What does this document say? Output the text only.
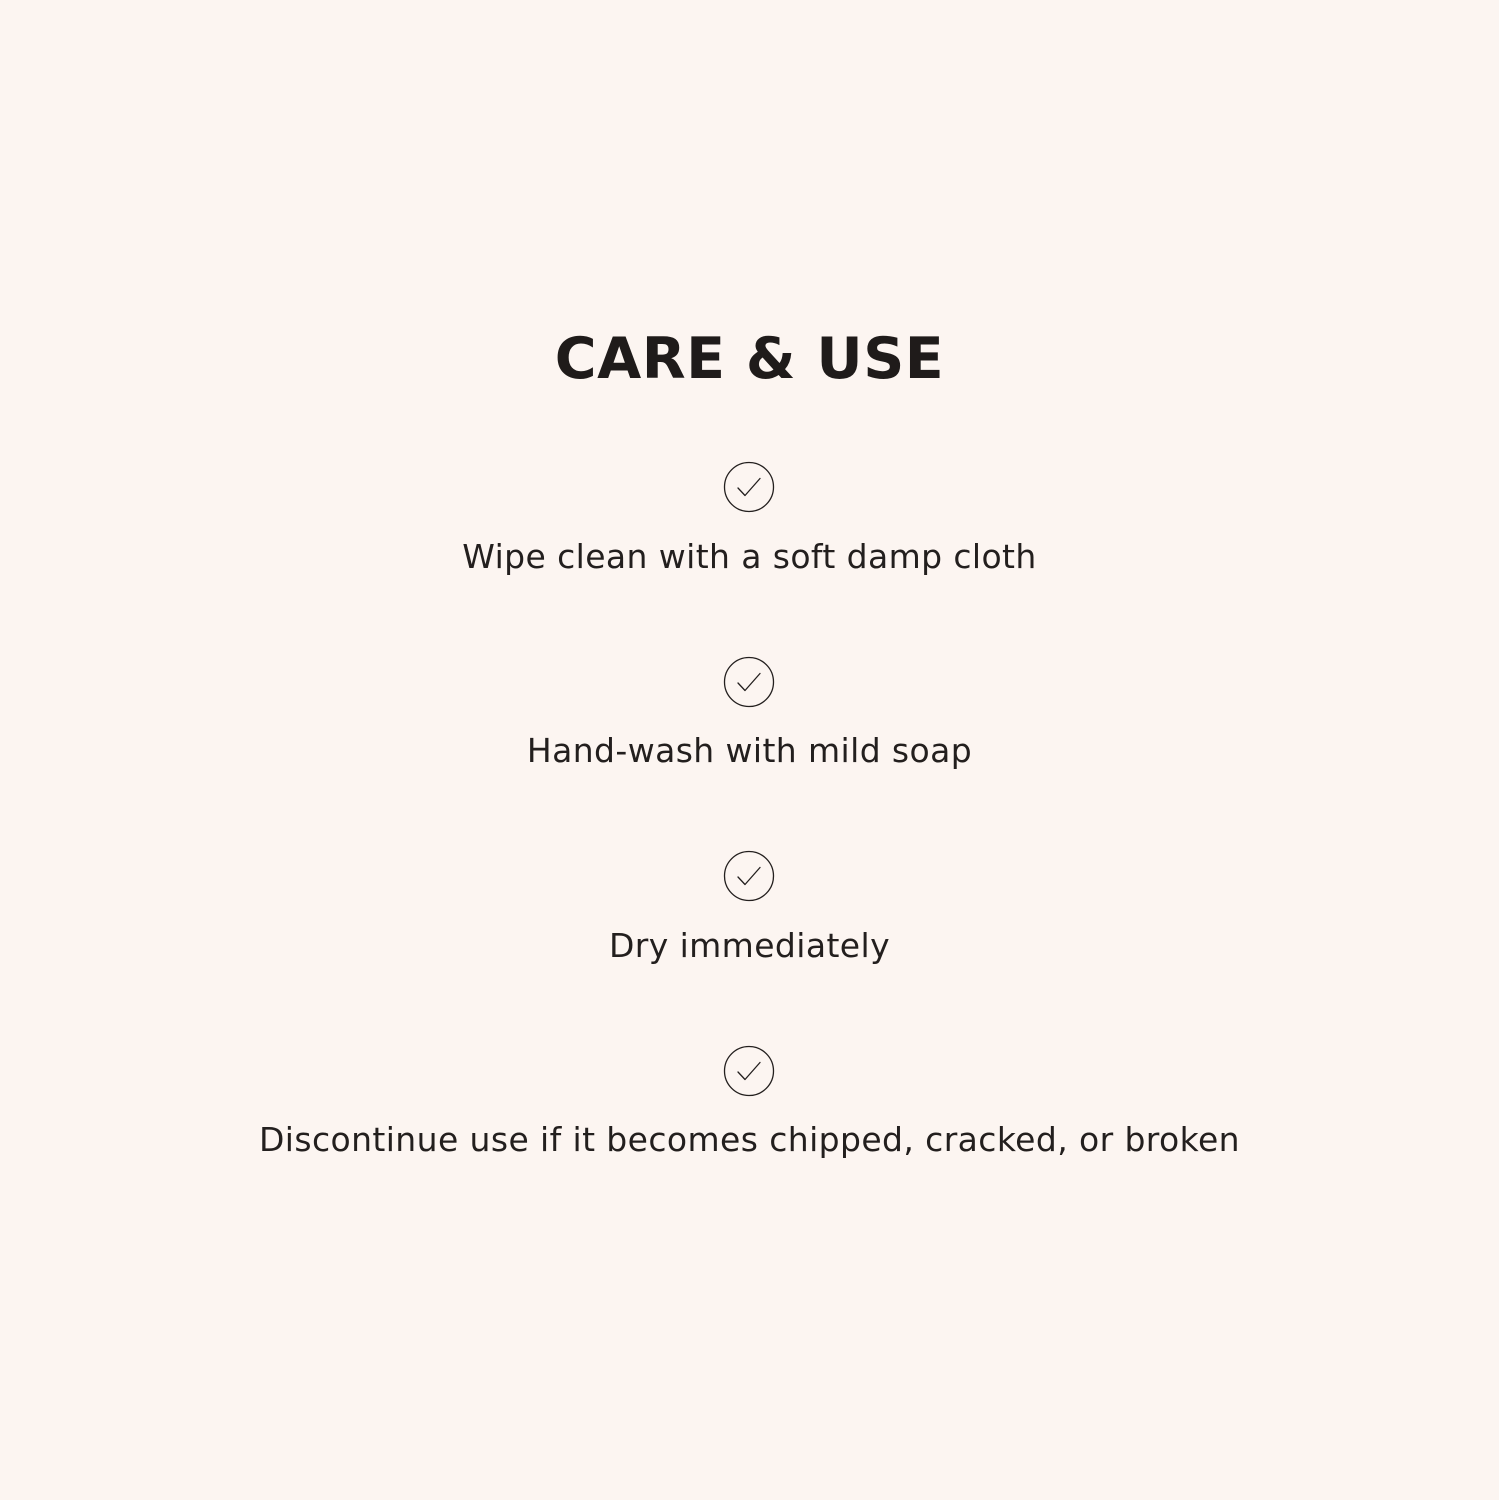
CARE & USE
Wipe clean with a soft damp cloth
Hand-wash with mild soap
Dry immediately
Discontinue use if it becomes chipped, cracked, or broken
